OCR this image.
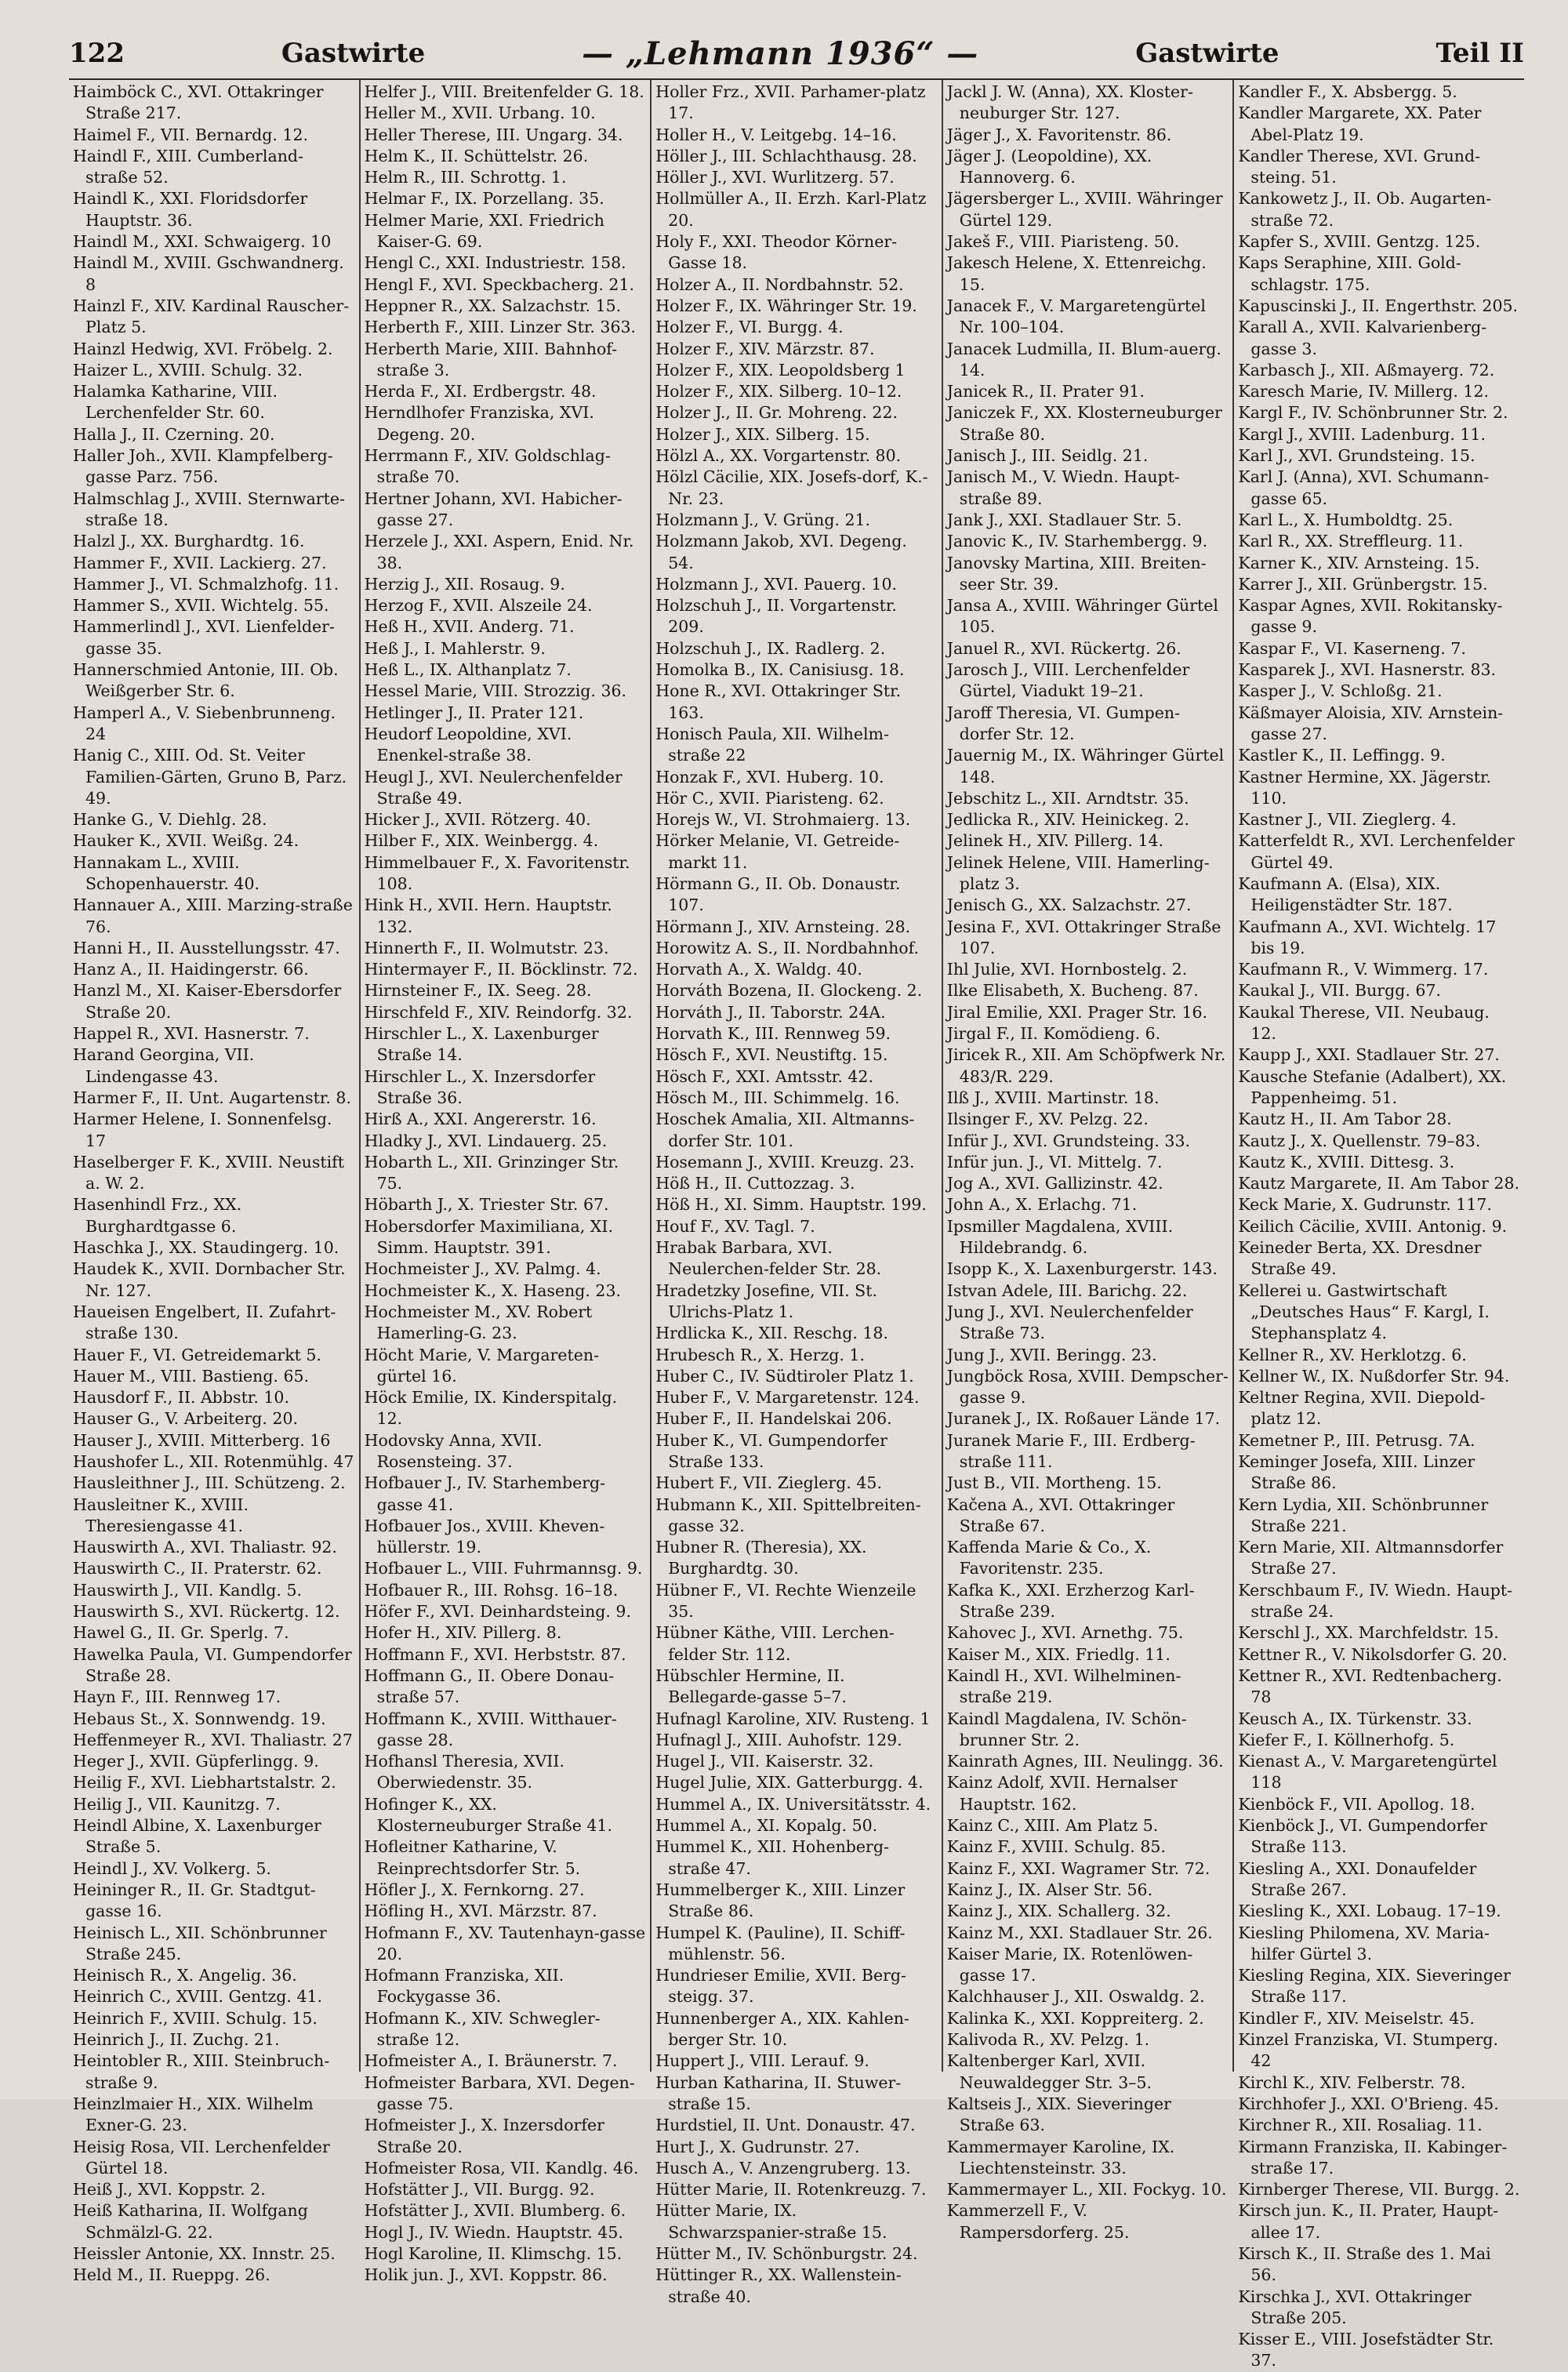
122	Gastwirte	— „Lehmann 1936“ —	Gastwirte	Teil II
Haimböck C., XVI. Ottakringer Straße 217.
Haimel F., VII. Bernardg. 12.
Haindl F., XIII. Cumberland-straße 52.
Haindl K., XXI. Floridsdorfer Hauptstr. 36.
Haindl M., XXI. Schwaigerg. 10
Haindl M., XVIII. Gschwandnerg. 8
Hainzl F., XIV. Kardinal Rauscher-Platz 5.
Hainzl Hedwig, XVI. Fröbelg. 2.
Haizer L., XVIII. Schulg. 32.
Halamka Katharine, VIII. Lerchenfelder Str. 60.
Halla J., II. Czerning. 20.
Haller Joh., XVII. Klampfelberg-gasse Parz. 756.
Halmschlag J., XVIII. Sternwarte-straße 18.
Halzl J., XX. Burghardtg. 16.
Hammer F., XVII. Lackierg. 27.
Hammer J., VI. Schmalzhofg. 11.
Hammer S., XVII. Wichtelg. 55.
Hammerlindl J., XVI. Lienfelder-gasse 35.
Hannerschmied Antonie, III. Ob. Weißgerber Str. 6.
Hamperl A., V. Siebenbrunneng. 24
Hanig C., XIII. Od. St. Veiter Familien-Gärten, Gruno B, Parz. 49.
Hanke G., V. Diehlg. 28.
Hauker K., XVII. Weißg. 24.
Hannakam L., XVIII. Schopenhauerstr. 40.
Hannauer A., XIII. Marzing-straße 76.
Hanni H., II. Ausstellungsstr. 47.
Hanz A., II. Haidingerstr. 66.
Hanzl M., XI. Kaiser-Ebersdorfer Straße 20.
Happel R., XVI. Hasnerstr. 7.
Harand Georgina, VII. Lindengasse 43.
Harmer F., II. Unt. Augartenstr. 8.
Harmer Helene, I. Sonnenfelsg. 17
Haselberger F. K., XVIII. Neustift a. W. 2.
Hasenhindl Frz., XX. Burghardtgasse 6.
Haschka J., XX. Staudingerg. 10.
Haudek K., XVII. Dornbacher Str. Nr. 127.
Haueisen Engelbert, II. Zufahrt-straße 130.
Hauer F., VI. Getreidemarkt 5.
Hauer M., VIII. Bastieng. 65.
Hausdorf F., II. Abbstr. 10.
Hauser G., V. Arbeiterg. 20.
Hauser J., XVIII. Mitterberg. 16
Haushofer L., XII. Rotenmühlg. 47
Hausleithner J., III. Schützeng. 2.
Hausleitner K., XVIII. Theresiengasse 41.
Hauswirth A., XVI. Thaliastr. 92.
Hauswirth C., II. Praterstr. 62.
Hauswirth J., VII. Kandlg. 5.
Hauswirth S., XVI. Rückertg. 12.
Hawel G., II. Gr. Sperlg. 7.
Hawelka Paula, VI. Gumpendorfer Straße 28.
Hayn F., III. Rennweg 17.
Hebaus St., X. Sonnwendg. 19.
Heffenmeyer R., XVI. Thaliastr. 27
Heger J., XVII. Güpferlingg. 9.
Heilig F., XVI. Liebhartstalstr. 2.
Heilig J., VII. Kaunitzg. 7.
Heindl Albine, X. Laxenburger Straße 5.
Heindl J., XV. Volkerg. 5.
Heininger R., II. Gr. Stadtgut-gasse 16.
Heinisch L., XII. Schönbrunner Straße 245.
Heinisch R., X. Angelig. 36.
Heinrich C., XVIII. Gentzg. 41.
Heinrich F., XVIII. Schulg. 15.
Heinrich J., II. Zuchg. 21.
Heintobler R., XIII. Steinbruch-straße 9.
Heinzlmaier H., XIX. Wilhelm Exner-G. 23.
Heisig Rosa, VII. Lerchenfelder Gürtel 18.
Heiß J., XVI. Koppstr. 2.
Heiß Katharina, II. Wolfgang Schmälzl-G. 22.
Heissler Antonie, XX. Innstr. 25.
Held M., II. Rueppg. 26.
Helfer J., VIII. Breitenfelder G. 18.
Heller M., XVII. Urbang. 10.
Heller Therese, III. Ungarg. 34.
Helm K., II. Schüttelstr. 26.
Helm R., III. Schrottg. 1.
Helmar F., IX. Porzellang. 35.
Helmer Marie, XXI. Friedrich Kaiser-G. 69.
Hengl C., XXI. Industriestr. 158.
Hengl F., XVI. Speckbacherg. 21.
Heppner R., XX. Salzachstr. 15.
Herberth F., XIII. Linzer Str. 363.
Herberth Marie, XIII. Bahnhof-straße 3.
Herda F., XI. Erdbergstr. 48.
Herndlhofer Franziska, XVI. Degeng. 20.
Herrmann F., XIV. Goldschlag-straße 70.
Hertner Johann, XVI. Habicher-gasse 27.
Herzele J., XXI. Aspern, Enid. Nr. 38.
Herzig J., XII. Rosaug. 9.
Herzog F., XVII. Alszeile 24.
Heß H., XVII. Anderg. 71.
Heß J., I. Mahlerstr. 9.
Heß L., IX. Althanplatz 7.
Hessel Marie, VIII. Strozzig. 36.
Hetlinger J., II. Prater 121.
Heudorf Leopoldine, XVI. Enenkel-straße 38.
Heugl J., XVI. Neulerchenfelder Straße 49.
Hicker J., XVII. Rötzerg. 40.
Hilber F., XIX. Weinbergg. 4.
Himmelbauer F., X. Favoritenstr. 108.
Hink H., XVII. Hern. Hauptstr. 132.
Hinnerth F., II. Wolmutstr. 23.
Hintermayer F., II. Böcklinstr. 72.
Hirnsteiner F., IX. Seeg. 28.
Hirschfeld F., XIV. Reindorfg. 32.
Hirschler L., X. Laxenburger Straße 14.
Hirschler L., X. Inzersdorfer Straße 36.
Hirß A., XXI. Angererstr. 16.
Hladky J., XVI. Lindauerg. 25.
Hobarth L., XII. Grinzinger Str. 75.
Höbarth J., X. Triester Str. 67.
Hobersdorfer Maximiliana, XI. Simm. Hauptstr. 391.
Hochmeister J., XV. Palmg. 4.
Hochmeister K., X. Haseng. 23.
Hochmeister M., XV. Robert Hamerling-G. 23.
Höcht Marie, V. Margareten-gürtel 16.
Höck Emilie, IX. Kinderspitalg. 12.
Hodovsky Anna, XVII. Rosensteing. 37.
Hofbauer J., IV. Starhemberg-gasse 41.
Hofbauer Jos., XVIII. Kheven-hüllerstr. 19.
Hofbauer L., VIII. Fuhrmannsg. 9.
Hofbauer R., III. Rohsg. 16–18.
Höfer F., XVI. Deinhardsteing. 9.
Hofer H., XIV. Pillerg. 8.
Hoffmann F., XVI. Herbststr. 87.
Hoffmann G., II. Obere Donau-straße 57.
Hoffmann K., XVIII. Witthauer-gasse 28.
Hofhansl Theresia, XVII. Oberwiedenstr. 35.
Hofinger K., XX. Klosterneuburger Straße 41.
Hofleitner Katharine, V. Reinprechtsdorfer Str. 5.
Höfler J., X. Fernkorng. 27.
Höfling H., XVI. Märzstr. 87.
Hofmann F., XV. Tautenhayn-gasse 20.
Hofmann Franziska, XII. Fockygasse 36.
Hofmann K., XIV. Schwegler-straße 12.
Hofmeister A., I. Bräunerstr. 7.
Hofmeister Barbara, XVI. Degen-gasse 75.
Hofmeister J., X. Inzersdorfer Straße 20.
Hofmeister Rosa, VII. Kandlg. 46.
Hofstätter J., VII. Burgg. 92.
Hofstätter J., XVII. Blumberg. 6.
Hogl J., IV. Wiedn. Hauptstr. 45.
Hogl Karoline, II. Klimschg. 15.
Holik jun. J., XVI. Koppstr. 86.
Holler Frz., XVII. Parhamer-platz 17.
Holler H., V. Leitgebg. 14–16.
Höller J., III. Schlachthausg. 28.
Höller J., XVI. Wurlitzerg. 57.
Hollmüller A., II. Erzh. Karl-Platz 20.
Holy F., XXI. Theodor Körner-Gasse 18.
Holzer A., II. Nordbahnstr. 52.
Holzer F., IX. Währinger Str. 19.
Holzer F., VI. Burgg. 4.
Holzer F., XIV. Märzstr. 87.
Holzer F., XIX. Leopoldsberg 1
Holzer F., XIX. Silberg. 10–12.
Holzer J., II. Gr. Mohreng. 22.
Holzer J., XIX. Silberg. 15.
Hölzl A., XX. Vorgartenstr. 80.
Hölzl Cäcilie, XIX. Josefs-dorf, K.-Nr. 23.
Holzmann J., V. Grüng. 21.
Holzmann Jakob, XVI. Degeng. 54.
Holzmann J., XVI. Pauerg. 10.
Holzschuh J., II. Vorgartenstr. 209.
Holzschuh J., IX. Radlerg. 2.
Homolka B., IX. Canisiusg. 18.
Hone R., XVI. Ottakringer Str. 163.
Honisch Paula, XII. Wilhelm-straße 22
Honzak F., XVI. Huberg. 10.
Hör C., XVII. Piaristeng. 62.
Horejs W., VI. Strohmaierg. 13.
Hörker Melanie, VI. Getreide-markt 11.
Hörmann G., II. Ob. Donaustr. 107.
Hörmann J., XIV. Arnsteing. 28.
Horowitz A. S., II. Nordbahnhof.
Horvath A., X. Waldg. 40.
Horváth Bozena, II. Glockeng. 2.
Horváth J., II. Taborstr. 24A.
Horvath K., III. Rennweg 59.
Hösch F., XVI. Neustiftg. 15.
Hösch F., XXI. Amtsstr. 42.
Hösch M., III. Schimmelg. 16.
Hoschek Amalia, XII. Altmanns-dorfer Str. 101.
Hosemann J., XVIII. Kreuzg. 23.
Höß H., II. Cuttozzag. 3.
Höß H., XI. Simm. Hauptstr. 199.
Houf F., XV. Tagl. 7.
Hrabak Barbara, XVI. Neulerchen-felder Str. 28.
Hradetzky Josefine, VII. St. Ulrichs-Platz 1.
Hrdlicka K., XII. Reschg. 18.
Hrubesch R., X. Herzg. 1.
Huber C., IV. Südtiroler Platz 1.
Huber F., V. Margaretenstr. 124.
Huber F., II. Handelskai 206.
Huber K., VI. Gumpendorfer Straße 133.
Hubert F., VII. Zieglerg. 45.
Hubmann K., XII. Spittelbreiten-gasse 32.
Hubner R. (Theresia), XX. Burghardtg. 30.
Hübner F., VI. Rechte Wienzeile 35.
Hübner Käthe, VIII. Lerchen-felder Str. 112.
Hübschler Hermine, II. Bellegarde-gasse 5–7.
Hufnagl Karoline, XIV. Rusteng. 1
Hufnagl J., XIII. Auhofstr. 129.
Hugel J., VII. Kaiserstr. 32.
Hugel Julie, XIX. Gatterburgg. 4.
Hummel A., IX. Universitätsstr. 4.
Hummel A., XI. Kopalg. 50.
Hummel K., XII. Hohenberg-straße 47.
Hummelberger K., XIII. Linzer Straße 86.
Humpel K. (Pauline), II. Schiff-mühlenstr. 56.
Hundrieser Emilie, XVII. Berg-steigg. 37.
Hunnenberger A., XIX. Kahlen-berger Str. 10.
Huppert J., VIII. Lerauf. 9.
Hurban Katharina, II. Stuwer-straße 15.
Hurdstiel, II. Unt. Donaustr. 47.
Hurt J., X. Gudrunstr. 27.
Husch A., V. Anzengruberg. 13.
Hütter Marie, II. Rotenkreuzg. 7.
Hütter Marie, IX. Schwarzspanier-straße 15.
Hütter M., IV. Schönburgstr. 24.
Hüttinger R., XX. Wallenstein-straße 40.
Jackl J. W. (Anna), XX. Kloster-neuburger Str. 127.
Jäger J., X. Favoritenstr. 86.
Jäger J. (Leopoldine), XX. Hannoverg. 6.
Jägersberger L., XVIII. Währinger Gürtel 129.
Jakeš F., VIII. Piaristeng. 50.
Jakesch Helene, X. Ettenreichg. 15.
Janacek F., V. Margaretengürtel Nr. 100–104.
Janacek Ludmilla, II. Blum-auerg. 14.
Janicek R., II. Prater 91.
Janiczek F., XX. Klosterneuburger Straße 80.
Janisch J., III. Seidlg. 21.
Janisch M., V. Wiedn. Haupt-straße 89.
Jank J., XXI. Stadlauer Str. 5.
Janovic K., IV. Starhembergg. 9.
Janovsky Martina, XIII. Breiten-seer Str. 39.
Jansa A., XVIII. Währinger Gürtel 105.
Januel R., XVI. Rückertg. 26.
Jarosch J., VIII. Lerchenfelder Gürtel, Viadukt 19–21.
Jaroff Theresia, VI. Gumpen-dorfer Str. 12.
Jauernig M., IX. Währinger Gürtel 148.
Jebschitz L., XII. Arndtstr. 35.
Jedlicka R., XIV. Heinickeg. 2.
Jelinek H., XIV. Pillerg. 14.
Jelinek Helene, VIII. Hamerling-platz 3.
Jenisch G., XX. Salzachstr. 27.
Jesina F., XVI. Ottakringer Straße 107.
Ihl Julie, XVI. Hornbostelg. 2.
Ilke Elisabeth, X. Bucheng. 87.
Jiral Emilie, XXI. Prager Str. 16.
Jirgal F., II. Komödieng. 6.
Jiricek R., XII. Am Schöpfwerk Nr. 483/R. 229.
Ilß J., XVIII. Martinstr. 18.
Ilsinger F., XV. Pelzg. 22.
Infür J., XVI. Grundsteing. 33.
Infür jun. J., VI. Mittelg. 7.
Jog A., XVI. Gallizinstr. 42.
John A., X. Erlachg. 71.
Ipsmiller Magdalena, XVIII. Hildebrandg. 6.
Isopp K., X. Laxenburgerstr. 143.
Istvan Adele, III. Barichg. 22.
Jung J., XVI. Neulerchenfelder Straße 73.
Jung J., XVII. Beringg. 23.
Jungböck Rosa, XVIII. Dempscher-gasse 9.
Juranek J., IX. Roßauer Lände 17.
Juranek Marie F., III. Erdberg-straße 111.
Just B., VII. Mortheng. 15.
Kačena A., XVI. Ottakringer Straße 67.
Kaffenda Marie & Co., X. Favoritenstr. 235.
Kafka K., XXI. Erzherzog Karl-Straße 239.
Kahovec J., XVI. Arnethg. 75.
Kaiser M., XIX. Friedlg. 11.
Kaindl H., XVI. Wilhelminen-straße 219.
Kaindl Magdalena, IV. Schön-brunner Str. 2.
Kainrath Agnes, III. Neulingg. 36.
Kainz Adolf, XVII. Hernalser Hauptstr. 162.
Kainz C., XIII. Am Platz 5.
Kainz F., XVIII. Schulg. 85.
Kainz F., XXI. Wagramer Str. 72.
Kainz J., IX. Alser Str. 56.
Kainz J., XIX. Schallerg. 32.
Kainz M., XXI. Stadlauer Str. 26.
Kaiser Marie, IX. Rotenlöwen-gasse 17.
Kalchhauser J., XII. Oswaldg. 2.
Kalinka K., XXI. Koppreiterg. 2.
Kalivoda R., XV. Pelzg. 1.
Kaltenberger Karl, XVII. Neuwaldegger Str. 3–5.
Kaltseis J., XIX. Sieveringer Straße 63.
Kammermayer Karoline, IX. Liechtensteinstr. 33.
Kammermayer L., XII. Fockyg. 10.
Kammerzell F., V. Rampersdorferg. 25.
Kandler F., X. Absbergg. 5.
Kandler Margarete, XX. Pater Abel-Platz 19.
Kandler Therese, XVI. Grund-steing. 51.
Kankowetz J., II. Ob. Augarten-straße 72.
Kapfer S., XVIII. Gentzg. 125.
Kaps Seraphine, XIII. Gold-schlagstr. 175.
Kapuscinski J., II. Engerthstr. 205.
Karall A., XVII. Kalvarienberg-gasse 3.
Karbasch J., XII. Aßmayerg. 72.
Karesch Marie, IV. Millerg. 12.
Kargl F., IV. Schönbrunner Str. 2.
Kargl J., XVIII. Ladenburg. 11.
Karl J., XVI. Grundsteing. 15.
Karl J. (Anna), XVI. Schumann-gasse 65.
Karl L., X. Humboldtg. 25.
Karl R., XX. Streffleurg. 11.
Karner K., XIV. Arnsteing. 15.
Karrer J., XII. Grünbergstr. 15.
Kaspar Agnes, XVII. Rokitansky-gasse 9.
Kaspar F., VI. Kaserneng. 7.
Kasparek J., XVI. Hasnerstr. 83.
Kasper J., V. Schloßg. 21.
Käßmayer Aloisia, XIV. Arnstein-gasse 27.
Kastler K., II. Leffingg. 9.
Kastner Hermine, XX. Jägerstr. 110.
Kastner J., VII. Zieglerg. 4.
Katterfeldt R., XVI. Lerchenfelder Gürtel 49.
Kaufmann A. (Elsa), XIX. Heiligenstädter Str. 187.
Kaufmann A., XVI. Wichtelg. 17 bis 19.
Kaufmann R., V. Wimmerg. 17.
Kaukal J., VII. Burgg. 67.
Kaukal Therese, VII. Neubaug. 12.
Kaupp J., XXI. Stadlauer Str. 27.
Kausche Stefanie (Adalbert), XX. Pappenheimg. 51.
Kautz H., II. Am Tabor 28.
Kautz J., X. Quellenstr. 79–83.
Kautz K., XVIII. Dittesg. 3.
Kautz Margarete, II. Am Tabor 28.
Keck Marie, X. Gudrunstr. 117.
Keilich Cäcilie, XVIII. Antonig. 9.
Keineder Berta, XX. Dresdner Straße 49.
Kellerei u. Gastwirtschaft „Deutsches Haus“ F. Kargl, I. Stephansplatz 4.
Kellner R., XV. Herklotzg. 6.
Kellner W., IX. Nußdorfer Str. 94.
Keltner Regina, XVII. Diepold-platz 12.
Kemetner P., III. Petrusg. 7A.
Keminger Josefa, XIII. Linzer Straße 86.
Kern Lydia, XII. Schönbrunner Straße 221.
Kern Marie, XII. Altmannsdorfer Straße 27.
Kerschbaum F., IV. Wiedn. Haupt-straße 24.
Kerschl J., XX. Marchfeldstr. 15.
Kettner R., V. Nikolsdorfer G. 20.
Kettner R., XVI. Redtenbacherg. 78
Keusch A., IX. Türkenstr. 33.
Kiefer F., I. Köllnerhofg. 5.
Kienast A., V. Margaretengürtel 118
Kienböck F., VII. Apollog. 18.
Kienböck J., VI. Gumpendorfer Straße 113.
Kiesling A., XXI. Donaufelder Straße 267.
Kiesling K., XXI. Lobaug. 17–19.
Kiesling Philomena, XV. Maria-hilfer Gürtel 3.
Kiesling Regina, XIX. Sieveringer Straße 117.
Kindler F., XIV. Meiselstr. 45.
Kinzel Franziska, VI. Stumperg. 42
Kirchl K., XIV. Felberstr. 78.
Kirchhofer J., XXI. O'Brieng. 45.
Kirchner R., XII. Rosaliag. 11.
Kirmann Franziska, II. Kabinger-straße 17.
Kirnberger Therese, VII. Burgg. 2.
Kirsch jun. K., II. Prater, Haupt-allee 17.
Kirsch K., II. Straße des 1. Mai 56.
Kirschka J., XVI. Ottakringer Straße 205.
Kisser E., VIII. Josefstädter Str. 37.
